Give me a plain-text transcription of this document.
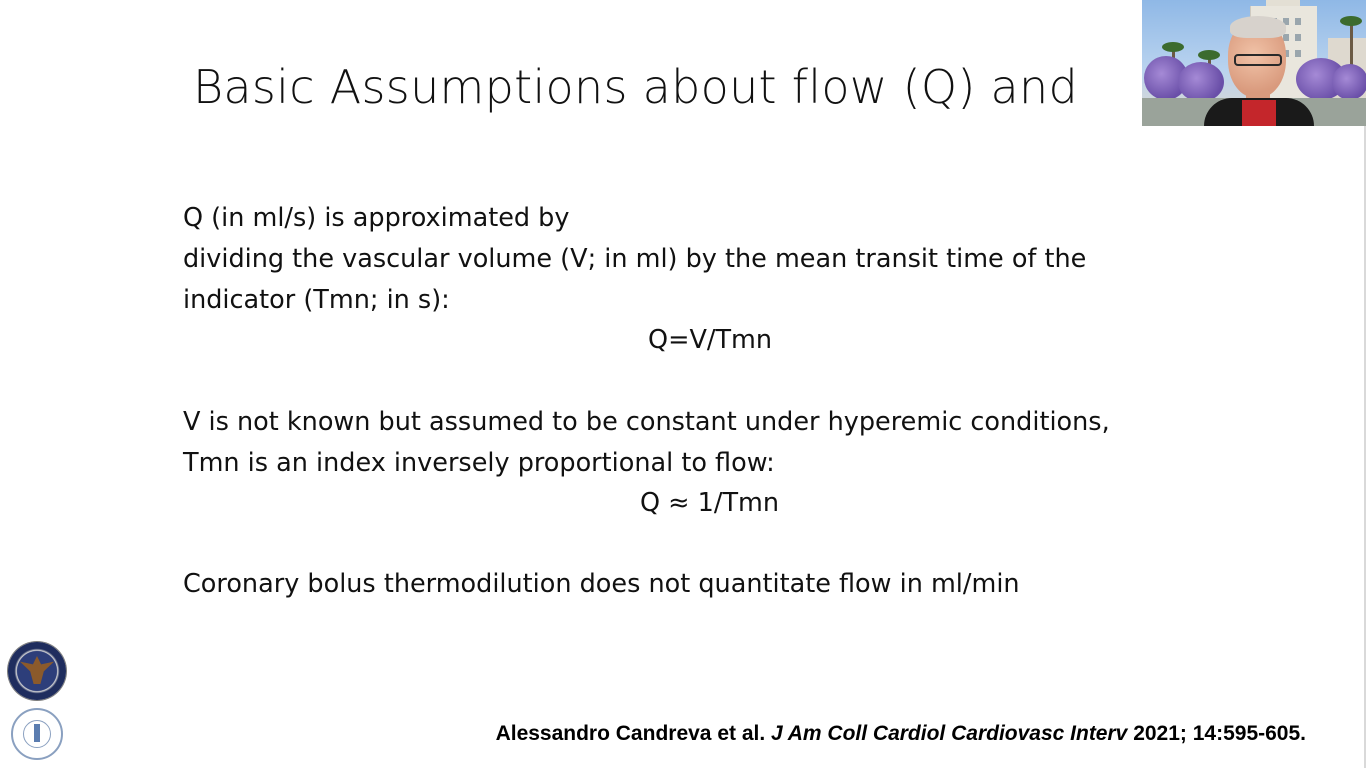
Basic Assumptions about flow (Q) and
Q (in ml/s) is approximated by
dividing the vascular volume (V; in ml) by the mean transit time of the
indicator (Tmn; in s):
Q=V/Tmn
V is not known but assumed to be constant under hyperemic conditions,
Tmn is an index inversely proportional to flow:
Q ≈ 1/Tmn
Coronary bolus thermodilution does not quantitate flow in ml/min
Alessandro Candreva et al. J Am Coll Cardiol Cardiovasc Interv 2021; 14:595-605.
